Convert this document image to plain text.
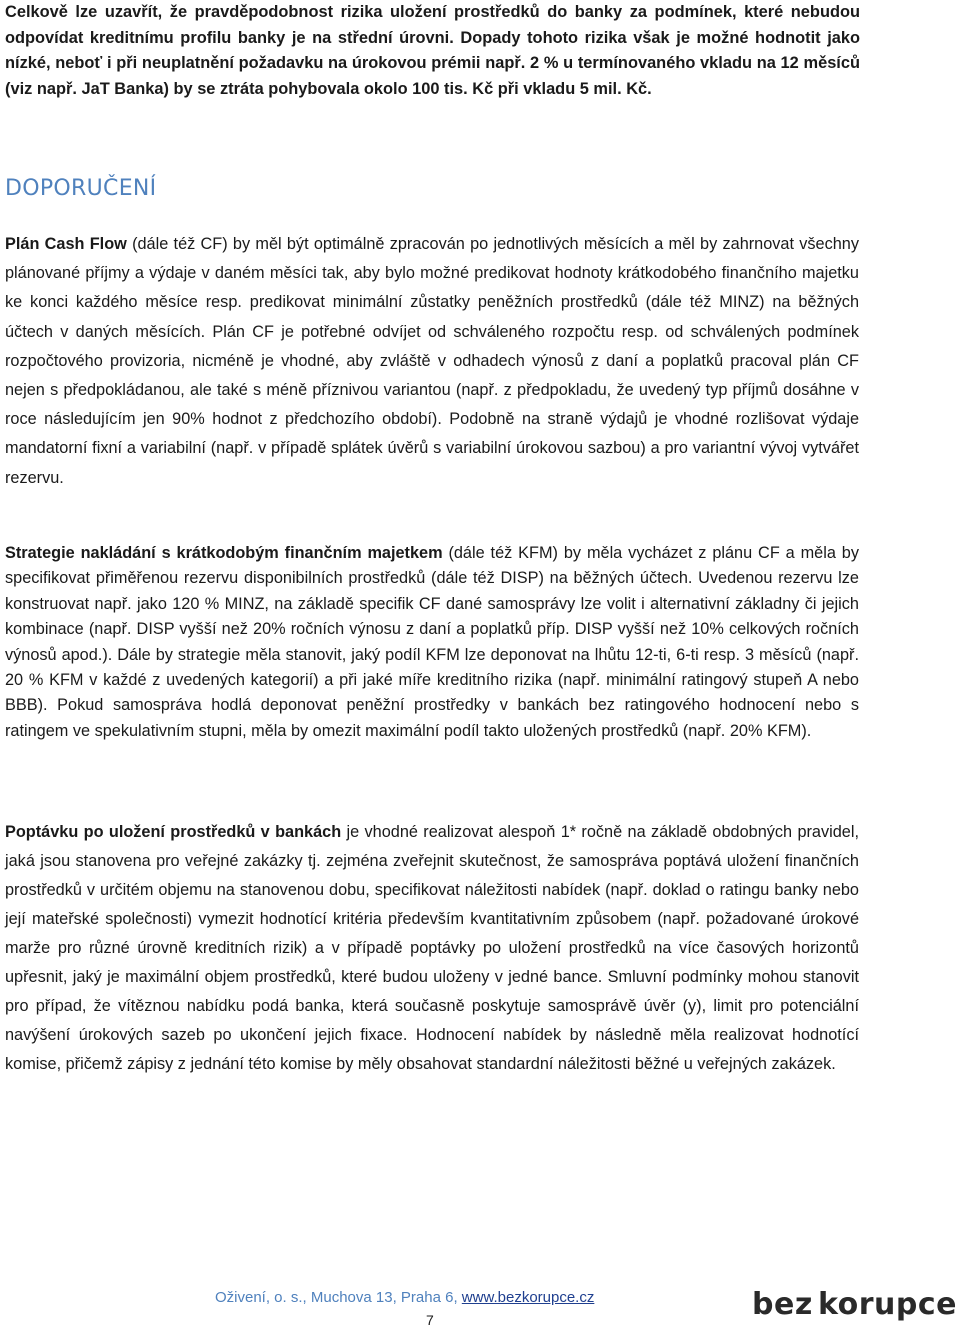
Celkově lze uzavřít, že pravděpodobnost rizika uložení prostředků do banky za podmínek, které nebudou odpovídat kreditnímu profilu banky je na střední úrovni. Dopady tohoto rizika však je možné hodnotit jako nízké, neboť i při neuplatnění požadavku na úrokovou prémii např. 2 % u termínovaného vkladu na 12 měsíců (viz např. JaT Banka) by se ztráta pohybovala okolo 100 tis. Kč při vkladu 5 mil. Kč.

DOPORUČENÍ

Plán Cash Flow (dále též CF) by měl být optimálně zpracován po jednotlivých měsících a měl by zahrnovat všechny plánované příjmy a výdaje v daném měsíci tak, aby bylo možné predikovat hodnoty krátkodobého finančního majetku ke konci každého měsíce resp. predikovat minimální zůstatky peněžních prostředků (dále též MINZ) na běžných účtech v daných měsících. Plán CF je potřebné odvíjet od schváleného rozpočtu resp. od schválených podmínek rozpočtového provizoria, nicméně je vhodné, aby zvláště v odhadech výnosů z daní a poplatků pracoval plán CF nejen s předpokládanou, ale také s méně příznivou variantou (např. z předpokladu, že uvedený typ příjmů dosáhne v roce následujícím jen 90% hodnot z předchozího období). Podobně na straně výdajů je vhodné rozlišovat výdaje mandatorní fixní a variabilní (např. v případě splátek úvěrů s variabilní úrokovou sazbou) a pro variantní vývoj vytvářet rezervu.

Strategie nakládání s krátkodobým finančním majetkem (dále též KFM) by měla vycházet z plánu CF a měla by specifikovat přiměřenou rezervu disponibilních prostředků (dále též DISP) na běžných účtech. Uvedenou rezervu lze konstruovat např. jako 120 % MINZ, na základě specifik CF dané samosprávy lze volit i alternativní základny či jejich kombinace (např. DISP vyšší než 20% ročních výnosu z daní a poplatků příp. DISP vyšší než 10% celkových ročních výnosů apod.). Dále by strategie měla stanovit, jaký podíl KFM lze deponovat na lhůtu 12-ti, 6-ti resp. 3 měsíců (např. 20 % KFM v každé z uvedených kategorií) a při jaké míře kreditního rizika (např. minimální ratingový stupeň A nebo BBB). Pokud samospráva hodlá deponovat peněžní prostředky v bankách bez ratingového hodnocení nebo s ratingem ve spekulativním stupni, měla by omezit maximální podíl takto uložených prostředků (např. 20% KFM).

Poptávku po uložení prostředků v bankách je vhodné realizovat alespoň 1* ročně na základě obdobných pravidel, jaká jsou stanovena pro veřejné zakázky tj. zejména zveřejnit skutečnost, že samospráva poptává uložení finančních prostředků v určitém objemu na stanovenou dobu, specifikovat náležitosti nabídek (např. doklad o ratingu banky nebo její mateřské společnosti) vymezit hodnotící kritéria především kvantitativním způsobem (např. požadované úrokové marže pro různé úrovně kreditních rizik) a v případě poptávky po uložení prostředků na více časových horizontů upřesnit, jaký je maximální objem prostředků, které budou uloženy v jedné bance. Smluvní podmínky mohou stanovit pro případ, že vítěznou nabídku podá banka, která současně poskytuje samosprávě úvěr (y), limit pro potenciální navýšení úrokových sazeb po ukončení jejich fixace. Hodnocení nabídek by následně měla realizovat hodnotící komise, přičemž zápisy z jednání této komise by měly obsahovat standardní náležitosti běžné u veřejných zakázek.

Oživení, o. s., Muchova 13, Praha 6, www.bezkorupce.cz
7	bez korupce
